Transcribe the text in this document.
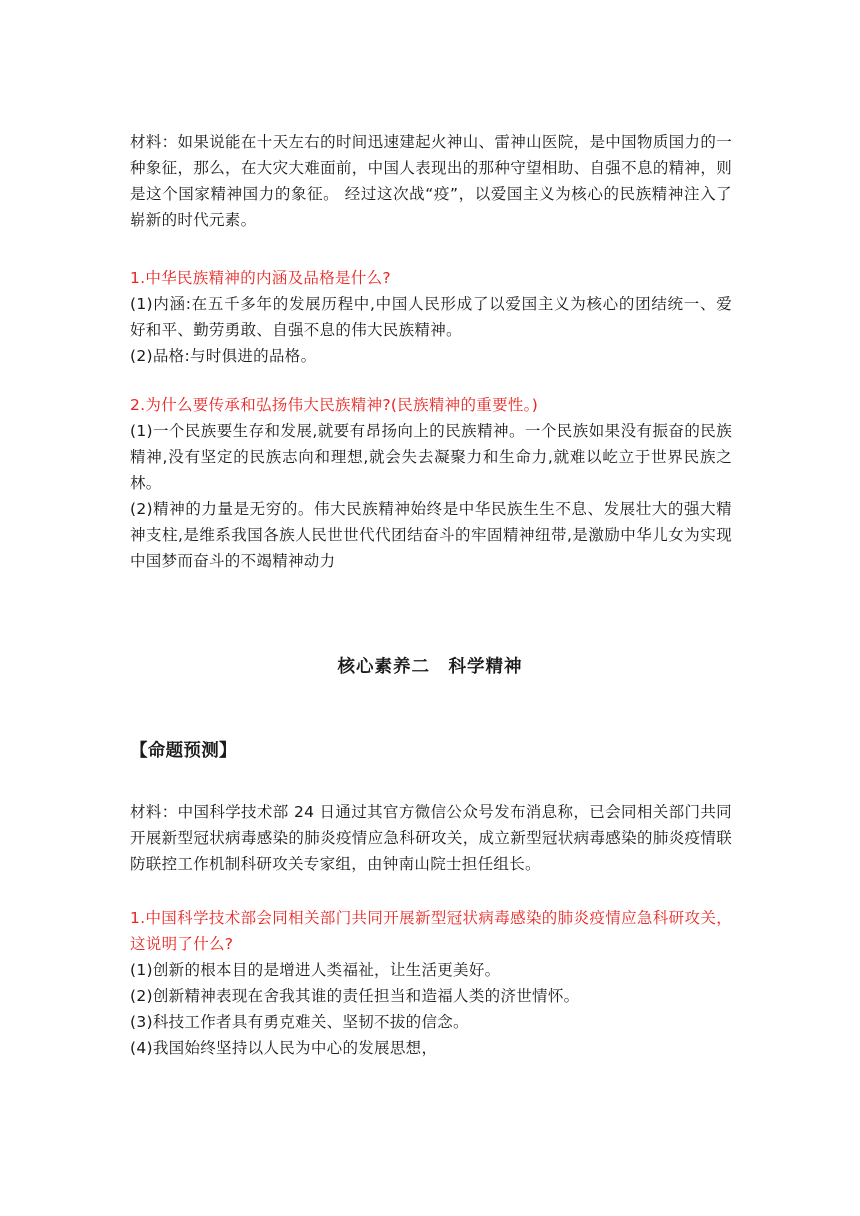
材料：如果说能在十天左右的时间迅速建起火神山、雷神山医院，是中国物质国力的一种象征，那么，在大灾大难面前，中国人表现出的那种守望相助、自强不息的精神，则是这个国家精神国力的象征。 经过这次战“疫”，以爱国主义为核心的民族精神注入了崭新的时代元素。

1.中华民族精神的内涵及品格是什么?

(1)内涵:在五千多年的发展历程中,中国人民形成了以爱国主义为核心的团结统一、爱好和平、勤劳勇敢、自强不息的伟大民族精神。

(2)品格:与时俱进的品格。

2.为什么要传承和弘扬伟大民族精神?(民族精神的重要性。)

(1)一个民族要生存和发展,就要有昂扬向上的民族精神。一个民族如果没有振奋的民族精神,没有坚定的民族志向和理想,就会失去凝聚力和生命力,就难以屹立于世界民族之林。

(2)精神的力量是无穷的。伟大民族精神始终是中华民族生生不息、发展壮大的强大精神支柱,是维系我国各族人民世世代代团结奋斗的牢固精神纽带,是激励中华儿女为实现中国梦而奋斗的不竭精神动力

核心素养二　科学精神

【命题预测】

材料：中国科学技术部 24 日通过其官方微信公众号发布消息称，已会同相关部门共同开展新型冠状病毒感染的肺炎疫情应急科研攻关，成立新型冠状病毒感染的肺炎疫情联防联控工作机制科研攻关专家组，由钟南山院士担任组长。

1.中国科学技术部会同相关部门共同开展新型冠状病毒感染的肺炎疫情应急科研攻关，这说明了什么?

(1)创新的根本目的是增进人类福祉，让生活更美好。

(2)创新精神表现在舍我其谁的责任担当和造福人类的济世情怀。

(3)科技工作者具有勇克难关、坚韧不拔的信念。

(4)我国始终坚持以人民为中心的发展思想，
